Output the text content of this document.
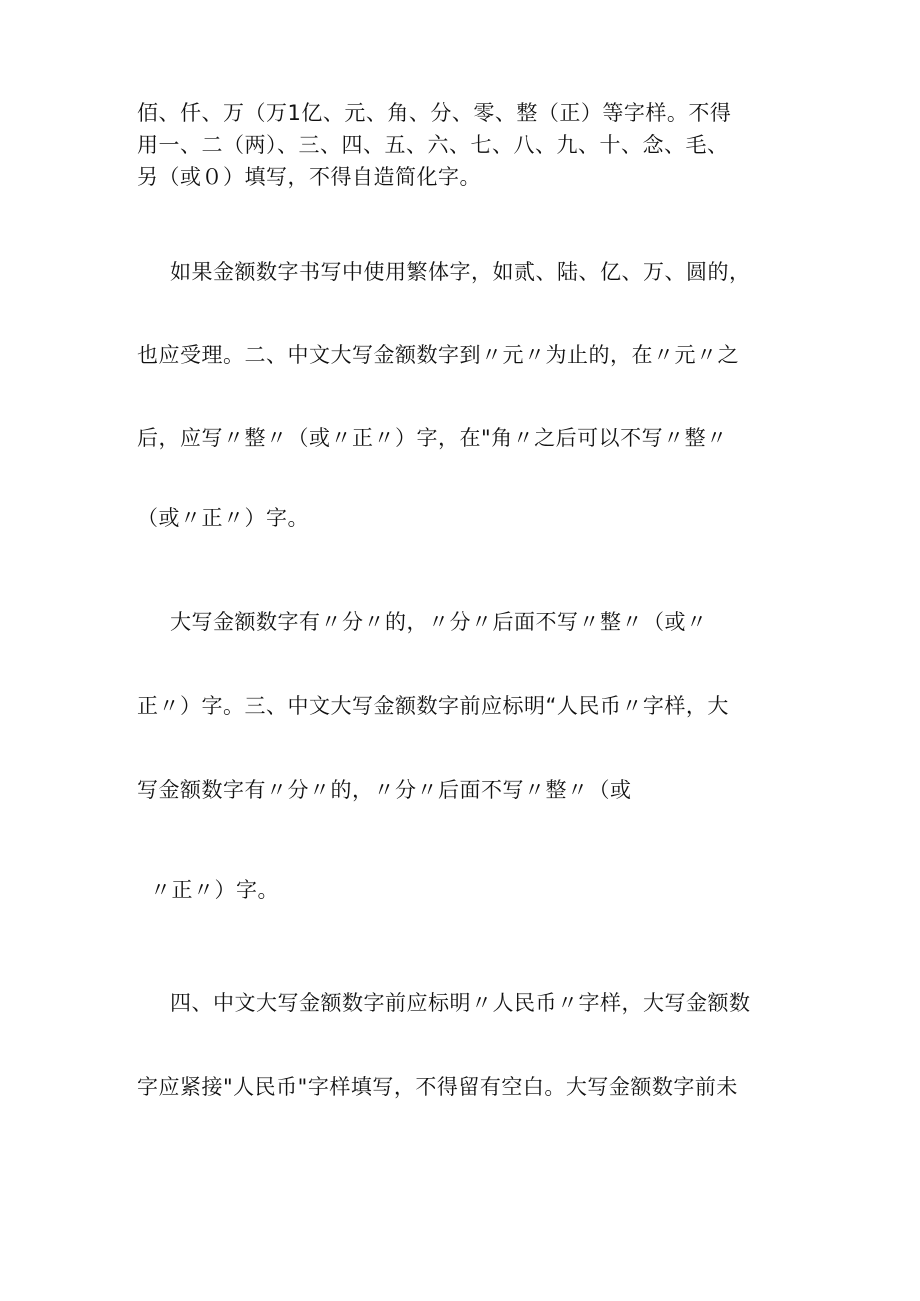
佰、仟、万（万1亿、元、角、分、零、整（正）等字样。不得
用一、二（两）、三、四、五、六、七、八、九、十、念、毛、
另（或０）填写，不得自造简化字。
如果金额数字书写中使用繁体字，如贰、陆、亿、万、圆的，
也应受理。二、中文大写金额数字到〃元〃为止的，在〃元〃之
后，应写〃整〃（或〃正〃）字，在"角〃之后可以不写〃整〃
（或〃正〃）字。
大写金额数字有〃分〃的，〃分〃后面不写〃整〃（或〃
正〃）字。三、中文大写金额数字前应标明“人民币〃字样，大
写金额数字有〃分〃的，〃分〃后面不写〃整〃（或
〃正〃）字。
四、中文大写金额数字前应标明〃人民币〃字样，大写金额数
字应紧接"人民币"字样填写，不得留有空白。大写金额数字前未
